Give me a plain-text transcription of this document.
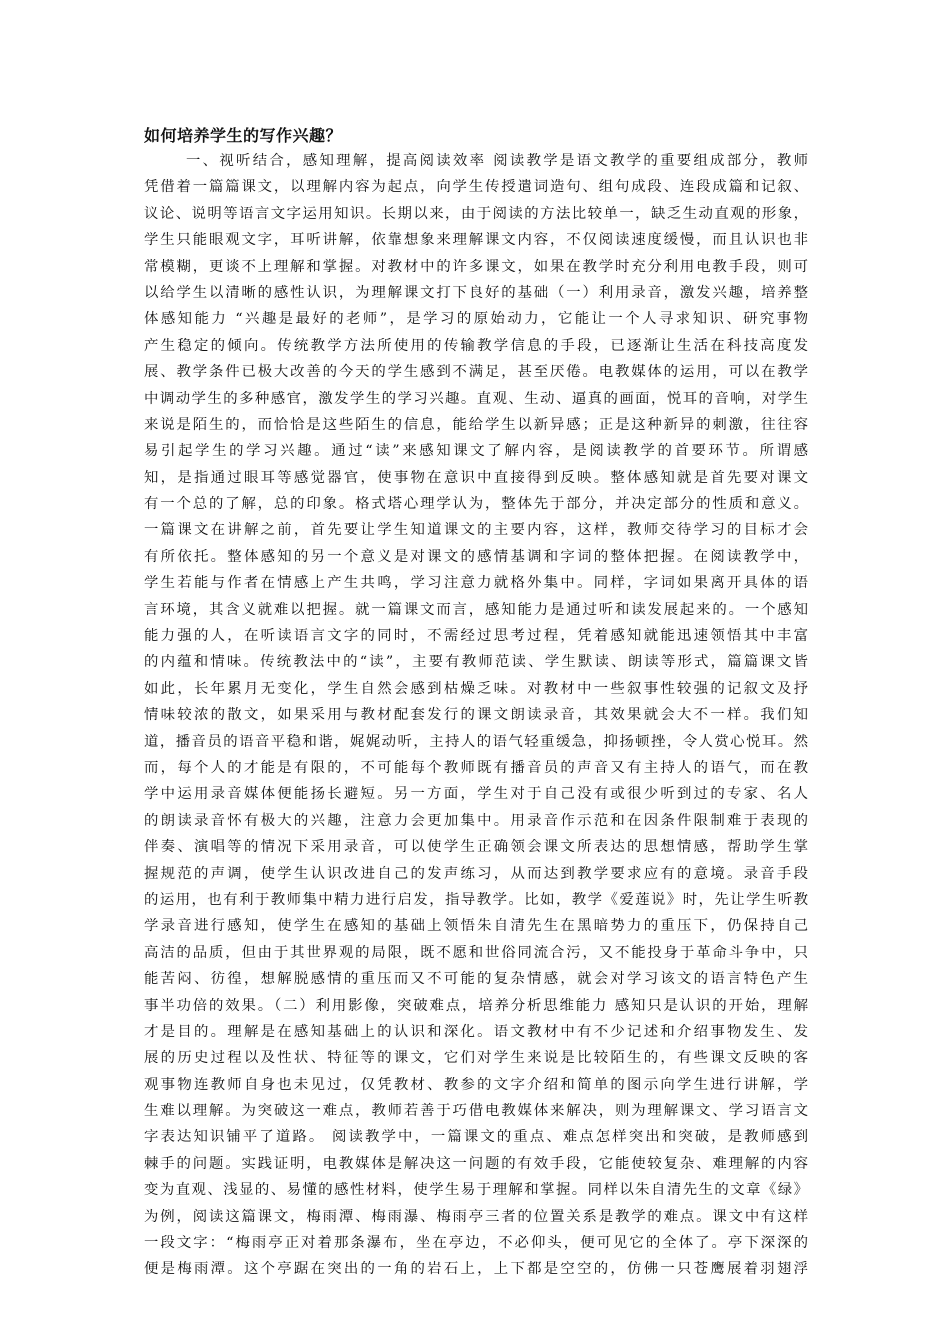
如何培养学生的写作兴趣？
一、视听结合，感知理解，提高阅读效率 阅读教学是语文教学的重要组成部分，教师
凭借着一篇篇课文，以理解内容为起点，向学生传授遣词造句、组句成段、连段成篇和记叙、
议论、说明等语言文字运用知识。长期以来，由于阅读的方法比较单一，缺乏生动直观的形象，
学生只能眼观文字，耳听讲解，依靠想象来理解课文内容，不仅阅读速度缓慢，而且认识也非
常模糊，更谈不上理解和掌握。对教材中的许多课文，如果在教学时充分利用电教手段，则可
以给学生以清晰的感性认识，为理解课文打下良好的基础（一）利用录音，激发兴趣，培养整
体感知能力 “兴趣是最好的老师”，是学习的原始动力，它能让一个人寻求知识、研究事物
产生稳定的倾向。传统教学方法所使用的传输教学信息的手段，已逐渐让生活在科技高度发
展、教学条件已极大改善的今天的学生感到不满足，甚至厌倦。电教媒体的运用，可以在教学
中调动学生的多种感官，激发学生的学习兴趣。直观、生动、逼真的画面，悦耳的音响，对学生
来说是陌生的，而恰恰是这些陌生的信息，能给学生以新异感；正是这种新异的刺激，往往容
易引起学生的学习兴趣。通过“读”来感知课文了解内容，是阅读教学的首要环节。所谓感
知，是指通过眼耳等感觉器官，使事物在意识中直接得到反映。整体感知就是首先要对课文
有一个总的了解，总的印象。格式塔心理学认为，整体先于部分，并决定部分的性质和意义。
一篇课文在讲解之前，首先要让学生知道课文的主要内容，这样，教师交待学习的目标才会
有所依托。整体感知的另一个意义是对课文的感情基调和字词的整体把握。在阅读教学中，
学生若能与作者在情感上产生共鸣，学习注意力就格外集中。同样，字词如果离开具体的语
言环境，其含义就难以把握。就一篇课文而言，感知能力是通过听和读发展起来的。一个感知
能力强的人，在听读语言文字的同时，不需经过思考过程，凭着感知就能迅速领悟其中丰富
的内蕴和情味。传统教法中的“读”，主要有教师范读、学生默读、朗读等形式，篇篇课文皆
如此，长年累月无变化，学生自然会感到枯燥乏味。对教材中一些叙事性较强的记叙文及抒
情味较浓的散文，如果采用与教材配套发行的课文朗读录音，其效果就会大不一样。我们知
道，播音员的语音平稳和谐，娓娓动听，主持人的语气轻重缓急，抑扬顿挫，令人赏心悦耳。然
而，每个人的才能是有限的，不可能每个教师既有播音员的声音又有主持人的语气，而在教
学中运用录音媒体便能扬长避短。另一方面，学生对于自己没有或很少听到过的专家、名人
的朗读录音怀有极大的兴趣，注意力会更加集中。用录音作示范和在因条件限制难于表现的
伴奏、演唱等的情况下采用录音，可以使学生正确领会课文所表达的思想情感，帮助学生掌
握规范的声调，使学生认识改进自己的发声练习，从而达到教学要求应有的意境。录音手段
的运用，也有利于教师集中精力进行启发，指导教学。比如，教学《爱莲说》时，先让学生听教
学录音进行感知，使学生在感知的基础上领悟朱自清先生在黑暗势力的重压下，仍保持自己
高洁的品质，但由于其世界观的局限，既不愿和世俗同流合污，又不能投身于革命斗争中，只
能苦闷、彷徨，想解脱感情的重压而又不可能的复杂情感，就会对学习该文的语言特色产生
事半功倍的效果。（二）利用影像，突破难点，培养分析思维能力 感知只是认识的开始，理解
才是目的。理解是在感知基础上的认识和深化。语文教材中有不少记述和介绍事物发生、发
展的历史过程以及性状、特征等的课文，它们对学生来说是比较陌生的，有些课文反映的客
观事物连教师自身也未见过，仅凭教材、教参的文字介绍和简单的图示向学生进行讲解，学
生难以理解。为突破这一难点，教师若善于巧借电教媒体来解决，则为理解课文、学习语言文
字表达知识铺平了道路。 阅读教学中，一篇课文的重点、难点怎样突出和突破，是教师感到
棘手的问题。实践证明，电教媒体是解决这一问题的有效手段，它能使较复杂、难理解的内容
变为直观、浅显的、易懂的感性材料，使学生易于理解和掌握。同样以朱自清先生的文章《绿》
为例，阅读这篇课文，梅雨潭、梅雨瀑、梅雨亭三者的位置关系是教学的难点。课文中有这样
一段文字：“梅雨亭正对着那条瀑布，坐在亭边，不必仰头，便可见它的全体了。亭下深深的
便是梅雨潭。这个亭踞在突出的一角的岩石上，上下都是空空的，仿佛一只苍鹰展着羽翅浮
